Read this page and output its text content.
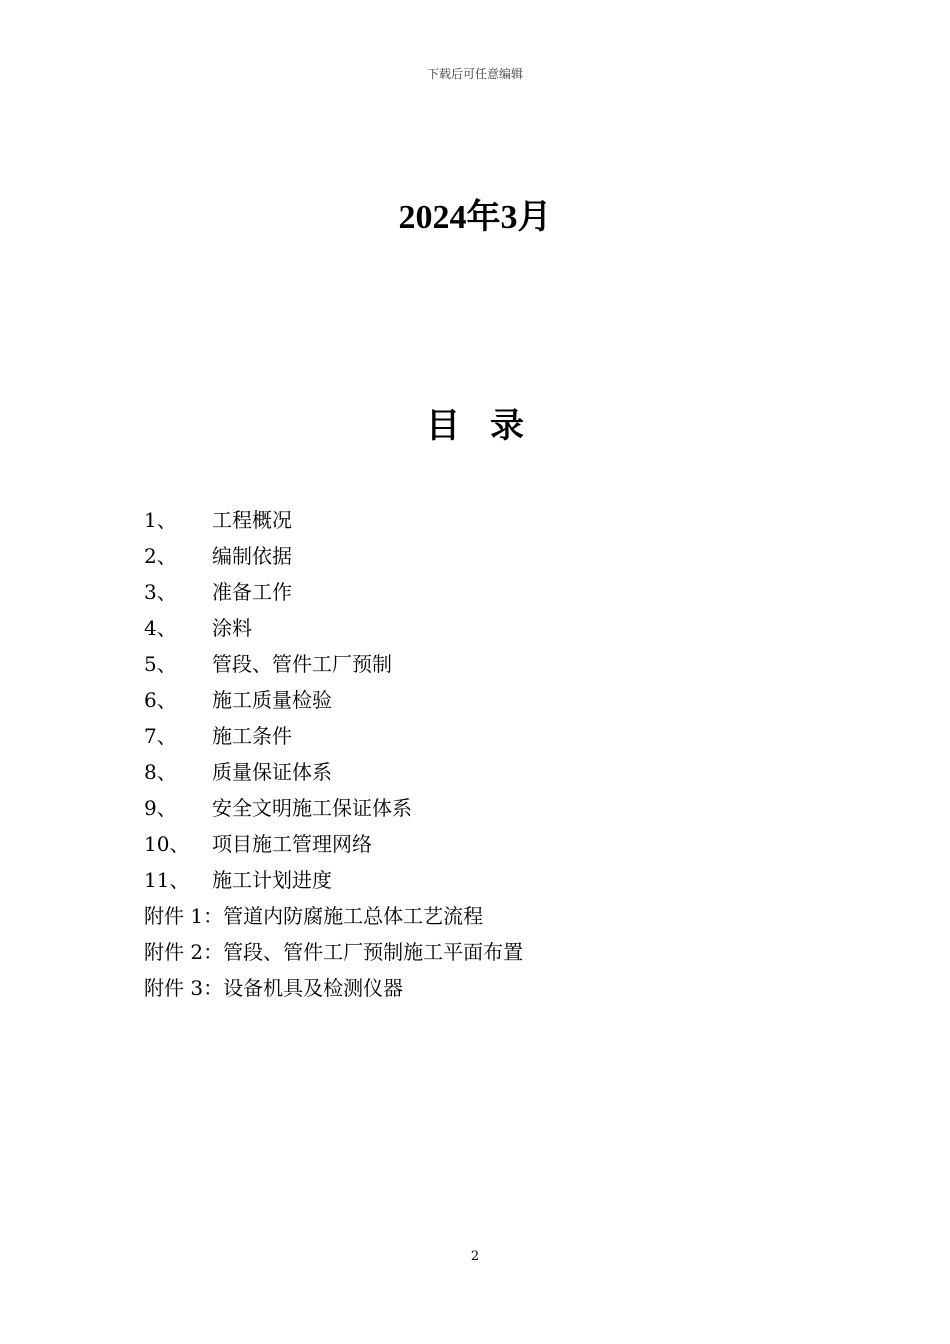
下载后可任意编辑
2024年3月
目录
1、	工程概况
2、	编制依据
3、	准备工作
4、	涂料
5、	管段、管件工厂预制
6、	施工质量检验
7、	施工条件
8、	质量保证体系
9、	安全文明施工保证体系
10、	项目施工管理网络
11、	施工计划进度
附件 1：管道内防腐施工总体工艺流程
附件 2：管段、管件工厂预制施工平面布置
附件 3：设备机具及检测仪器
2
